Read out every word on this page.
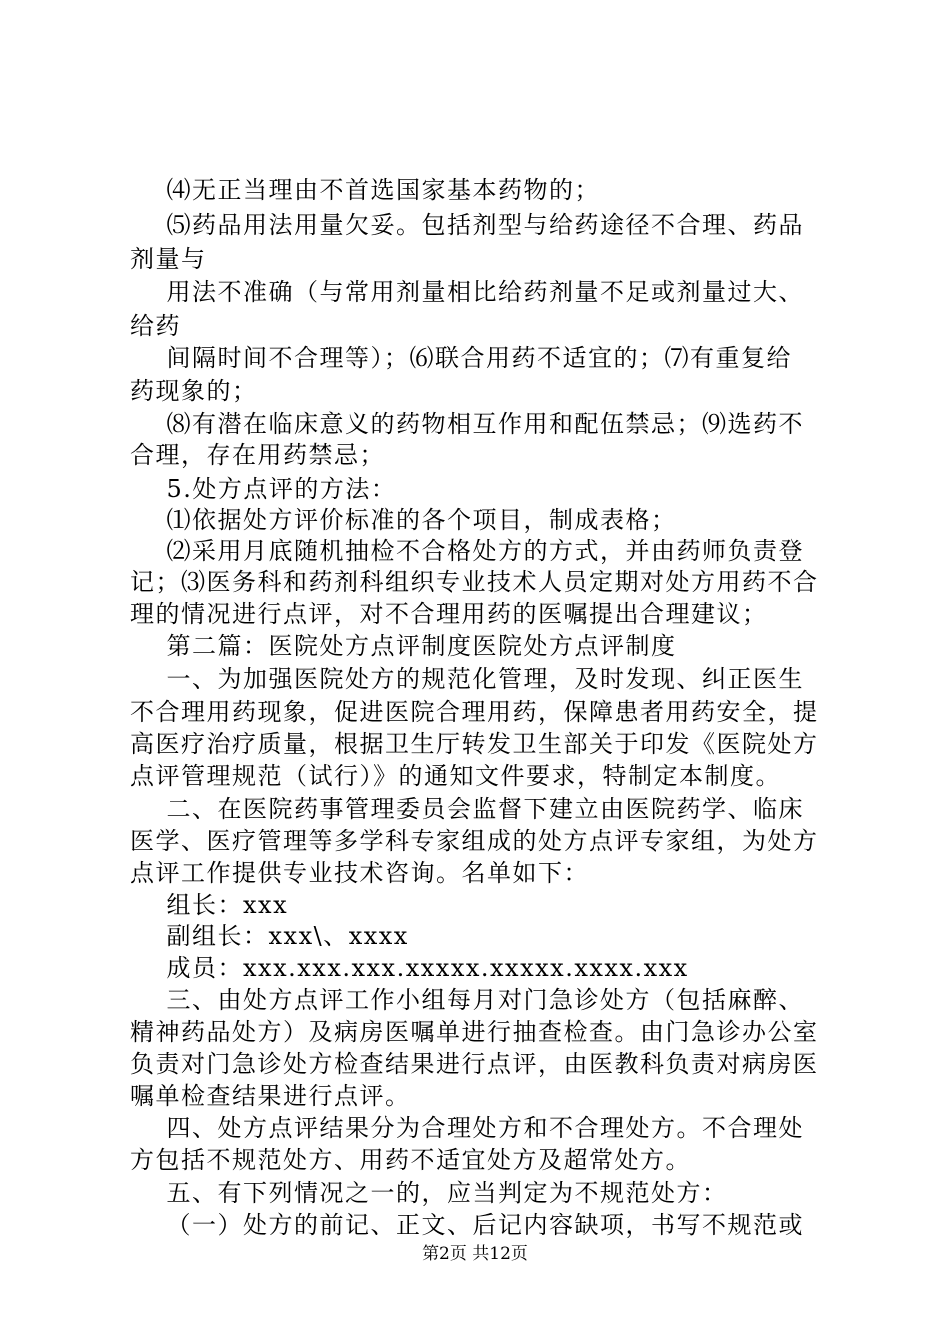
⑷无正当理由不首选国家基本药物的；
⑸药品用法用量欠妥。包括剂型与给药途径不合理、药品
剂量与
用法不准确（与常用剂量相比给药剂量不足或剂量过大、
给药
间隔时间不合理等）；⑹联合用药不适宜的；⑺有重复给
药现象的；
⑻有潜在临床意义的药物相互作用和配伍禁忌；⑼选药不
合理，存在用药禁忌；
5.处方点评的方法：
⑴依据处方评价标准的各个项目，制成表格；
⑵采用月底随机抽检不合格处方的方式，并由药师负责登
记；⑶医务科和药剂科组织专业技术人员定期对处方用药不合
理的情况进行点评，对不合理用药的医嘱提出合理建议；
第二篇：医院处方点评制度医院处方点评制度
一、为加强医院处方的规范化管理，及时发现、纠正医生
不合理用药现象，促进医院合理用药，保障患者用药安全，提
高医疗治疗质量，根据卫生厅转发卫生部关于印发《医院处方
点评管理规范（试行）》的通知文件要求，特制定本制度。
二、在医院药事管理委员会监督下建立由医院药学、临床
医学、医疗管理等多学科专家组成的处方点评专家组，为处方
点评工作提供专业技术咨询。名单如下：
组长：xxx
副组长：xxx\、xxxx
成员：xxx.xxx.xxx.xxxxx.xxxxx.xxxx.xxx
三、由处方点评工作小组每月对门急诊处方（包括麻醉、
精神药品处方）及病房医嘱单进行抽查检查。由门急诊办公室
负责对门急诊处方检查结果进行点评，由医教科负责对病房医
嘱单检查结果进行点评。
四、处方点评结果分为合理处方和不合理处方。不合理处
方包括不规范处方、用药不适宜处方及超常处方。
五、有下列情况之一的，应当判定为不规范处方：
（一）处方的前记、正文、后记内容缺项，书写不规范或
第2页 共12页
